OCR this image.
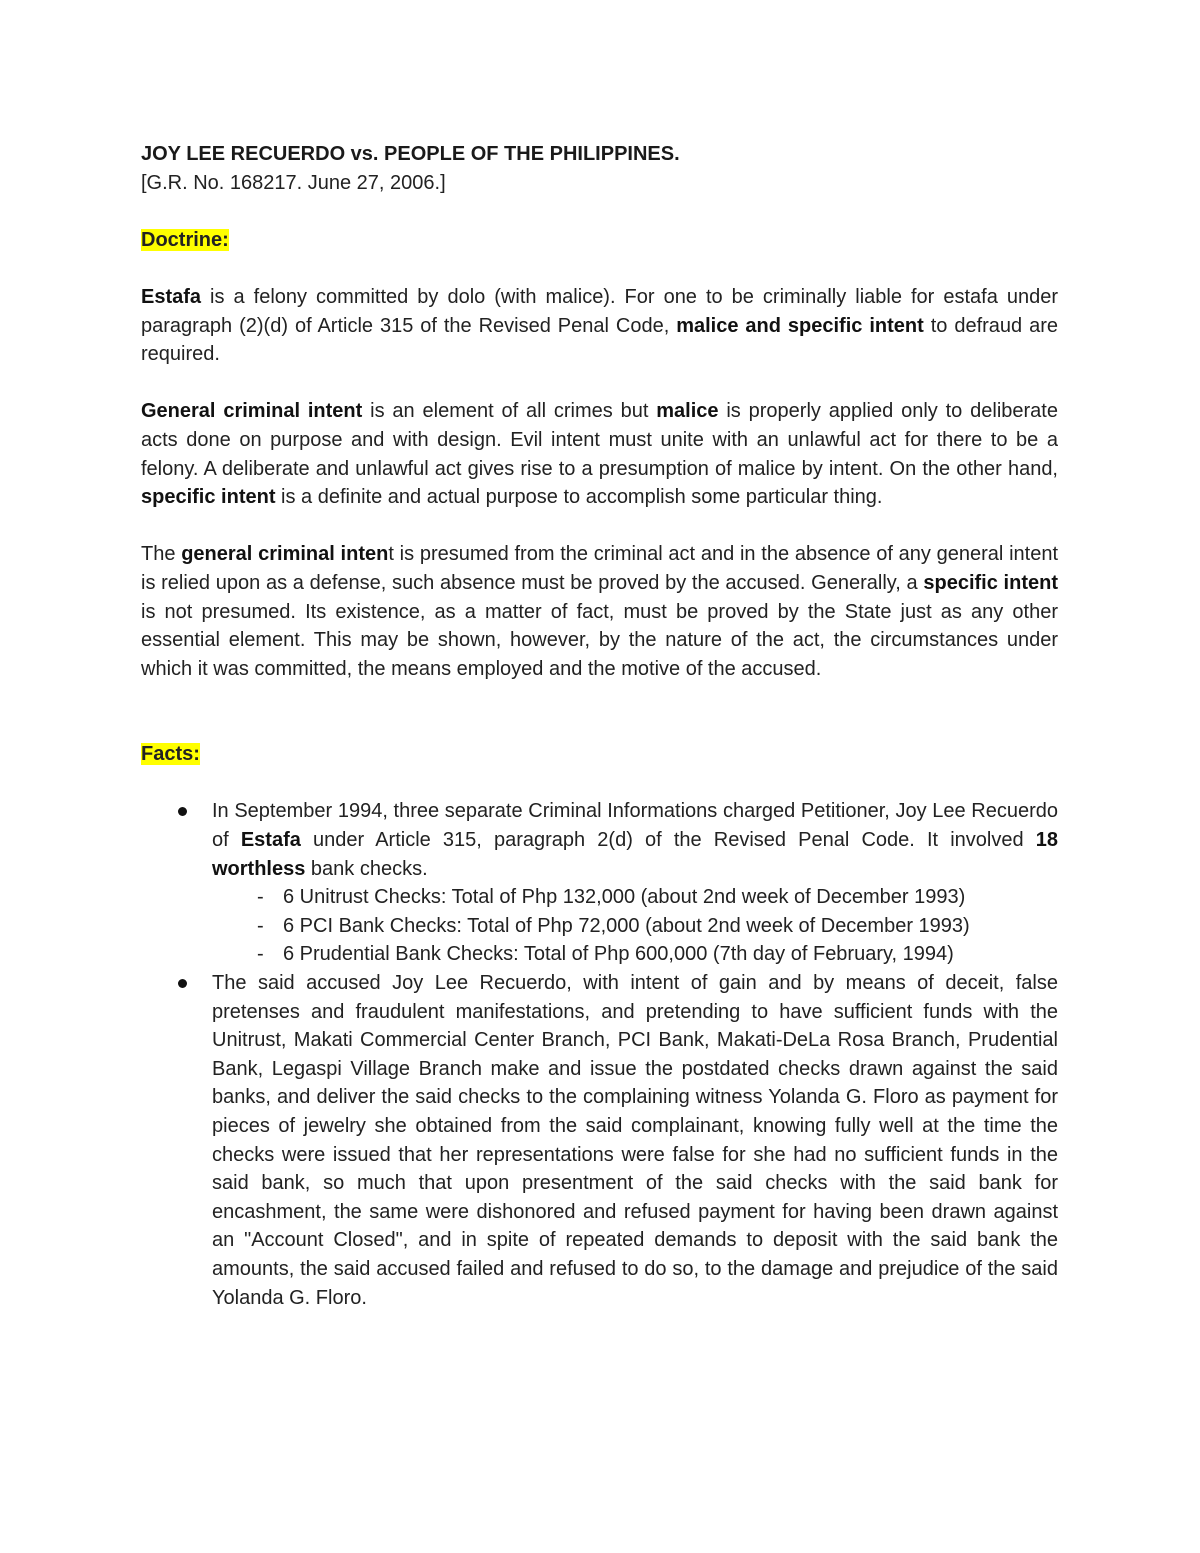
JOY LEE RECUERDO vs. PEOPLE OF THE PHILIPPINES.

[G.R. No. 168217. June 27, 2006.]

Doctrine:

Estafa is a felony committed by dolo (with malice). For one to be criminally liable for estafa under paragraph (2)(d) of Article 315 of the Revised Penal Code, malice and specific intent to defraud are required.

General criminal intent is an element of all crimes but malice is properly applied only to deliberate acts done on purpose and with design. Evil intent must unite with an unlawful act for there to be a felony. A deliberate and unlawful act gives rise to a presumption of malice by intent. On the other hand, specific intent is a definite and actual purpose to accomplish some particular thing.

The general criminal intent is presumed from the criminal act and in the absence of any general intent is relied upon as a defense, such absence must be proved by the accused. Generally, a specific intent is not presumed. Its existence, as a matter of fact, must be proved by the State just as any other essential element. This may be shown, however, by the nature of the act, the circumstances under which it was committed, the means employed and the motive of the accused.

Facts:

In September 1994, three separate Criminal Informations charged Petitioner, Joy Lee Recuerdo of Estafa under Article 315, paragraph 2(d) of the Revised Penal Code. It involved 18 worthless bank checks.
- 6 Unitrust Checks: Total of Php 132,000 (about 2nd week of December 1993)
- 6 PCI Bank Checks: Total of Php 72,000 (about 2nd week of December 1993)
- 6 Prudential Bank Checks: Total of Php 600,000 (7th day of February, 1994)
The said accused Joy Lee Recuerdo, with intent of gain and by means of deceit, false pretenses and fraudulent manifestations, and pretending to have sufficient funds with the Unitrust, Makati Commercial Center Branch, PCI Bank, Makati-DeLa Rosa Branch, Prudential Bank, Legaspi Village Branch make and issue the postdated checks drawn against the said banks, and deliver the said checks to the complaining witness Yolanda G. Floro as payment for pieces of jewelry she obtained from the said complainant, knowing fully well at the time the checks were issued that her representations were false for she had no sufficient funds in the said bank, so much that upon presentment of the said checks with the said bank for encashment, the same were dishonored and refused payment for having been drawn against an "Account Closed", and in spite of repeated demands to deposit with the said bank the amounts, the said accused failed and refused to do so, to the damage and prejudice of the said Yolanda G. Floro.
